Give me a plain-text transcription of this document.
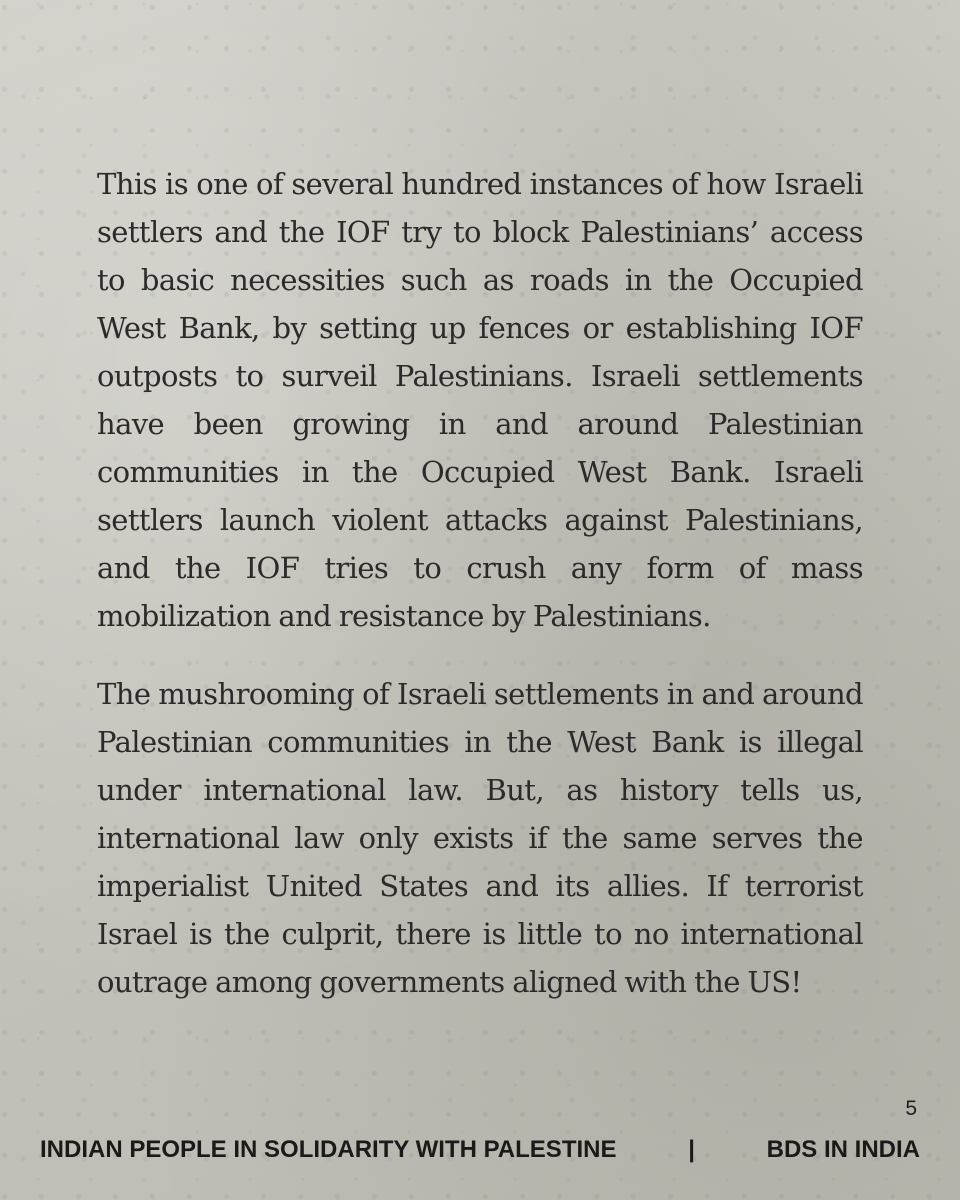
This is one of several hundred instances of how Israeli settlers and the IOF try to block Palestinians’ access to basic necessities such as roads in the Occupied West Bank, by setting up fences or establishing IOF outposts to surveil Palestinians. Israeli settlements have been growing in and around Palestinian communities in the Occupied West Bank. Israeli settlers launch violent attacks against Palestinians, and the IOF tries to crush any form of mass mobilization and resistance by Palestinians.

The mushrooming of Israeli settlements in and around Palestinian communities in the West Bank is illegal under international law. But, as history tells us, international law only exists if the same serves the imperialist United States and its allies. If terrorist Israel is the culprit, there is little to no international outrage among governments aligned with the US!

5
INDIAN PEOPLE IN SOLIDARITY WITH PALESTINE	|	BDS IN INDIA
